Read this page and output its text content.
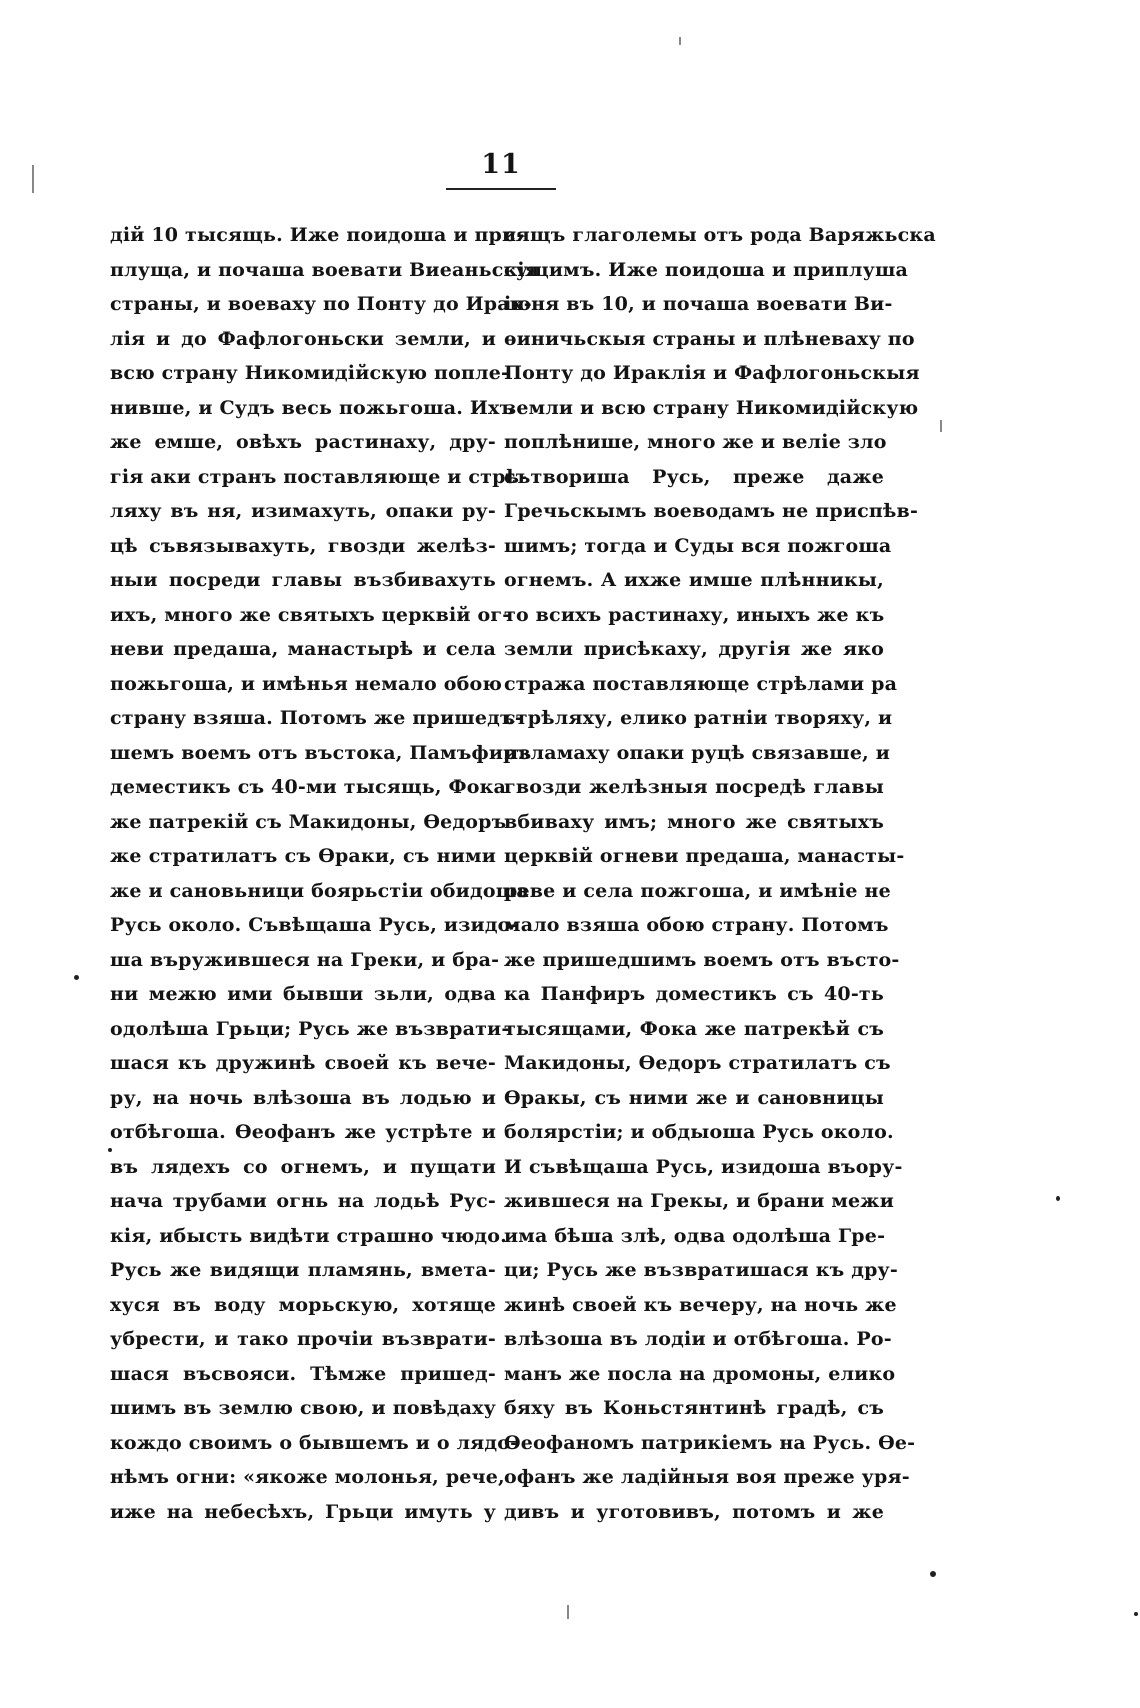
11
дій 10 тысящь. Иже поидоша и при-
плуща, и почаша воевати Виеаньскія
страны, и воеваху по Понту до Ирак-
лія и до Фафлогоньски земли, и
всю страну Никомидійскую попле-
нивше, и Судъ весь пожьгоша. Ихъ
же емше, овѣхъ растинаху, дру-
гія аки странъ поставляюще и стрѣ-
ляху въ ня, изимахуть, опаки ру-
цѣ съвязывахуть, гвозди желѣз-
ныи посреди главы възбивахуть
ихъ, много же святыхъ церквій ог-
неви предаша, манастырѣ и села
пожьгоша, и имѣнья немало обою
страну взяша. Потомъ же пришедъ-
шемъ воемъ отъ въстока, Памъфиръ
деместикъ съ 40-ми тысящь, Фока
же патрекій съ Макидоны, Ѳедоръ
же стратилатъ съ Ѳраки, съ ними
же и сановьници боярьстіи обидоша
Русь около. Съвѣщаша Русь, изидо-
ша въружившеся на Греки, и бра-
ни межю ими бывши зьли, одва
одолѣша Грьци; Русь же възврати-
шася къ дружинѣ своей къ вечe-
ру, на ночь влѣзоша въ лодью и
отбѣгоша. Ѳеофанъ же устрѣте и
въ лядехъ со огнемъ, и пущати
нача трубами огнь на лодьѣ Рус-
кія, ибысть видѣти страшно чюдо.
Русь же видящи пламянь, вмета-
хуся въ воду морьскую, хотяще
убрести, и тако прочіи възврати-
шася въсвояси. Тѣмже пришед-
шимъ въ землю свою, и повѣдаху
кождо своимъ о бывшемъ и о лядо-
нѣмъ огни: «якоже молонья, рече,
иже на небесѣхъ, Грьци имуть у
сящъ глаголемы отъ рода Варяжьска
сущимъ. Иже поидоша и приплуша
іюня въ 10, и почаша воевати Ви-
ѳиничьскыя страны и плѣневаху по
Понту до Ираклія и Фафлогоньскыя
земли и всю страну Никомидійскую
поплѣнише, много же и веліе зло
сътвориша Русь, преже даже
Гречьскымъ воеводамъ не приспѣв-
шимъ; тогда и Суды вся пожгоша
огнемъ. А ихже имше плѣнникы,
то всихъ растинаху, иныхъ же къ
земли присѣкаху, другія же яко
стража поставляюще стрѣлами ра
стрѣляху, елико ратніи творяху, и
изламаху опаки руцѣ связавше, и
гвозди желѣзныя посредѣ главы
вбиваху имъ; много же святыхъ
церквій огневи предаша, манасты-
реве и села пожгоша, и имѣніе не
мало взяша обою страну. Потомъ
же пришедшимъ воемъ отъ въсто-
ка Панфиръ доместикъ съ 40-ть
тысящами, Фока же патрекѣй съ
Макидоны, Ѳедоръ стратилатъ съ
Ѳракы, съ ними же и сановницы
болярстіи; и обдыоша Русь около.
И съвѣщаша Русь, изидоша въору-
жившеся на Грекы, и брани межи
има бѣша злѣ, одва одолѣша Гре-
ци; Русь же възвратишася къ дру-
жинѣ своей къ вечеру, на ночь же
влѣзоша въ лодіи и отбѣгоша. Ро-
манъ же посла на дромоны, елико
бяху въ Коньстянтинѣ градѣ, съ
Ѳеофаномъ патрикіемъ на Русь. Ѳе-
офанъ же ладійныя воя преже уря-
дивъ и уготовивъ, потомъ и же
